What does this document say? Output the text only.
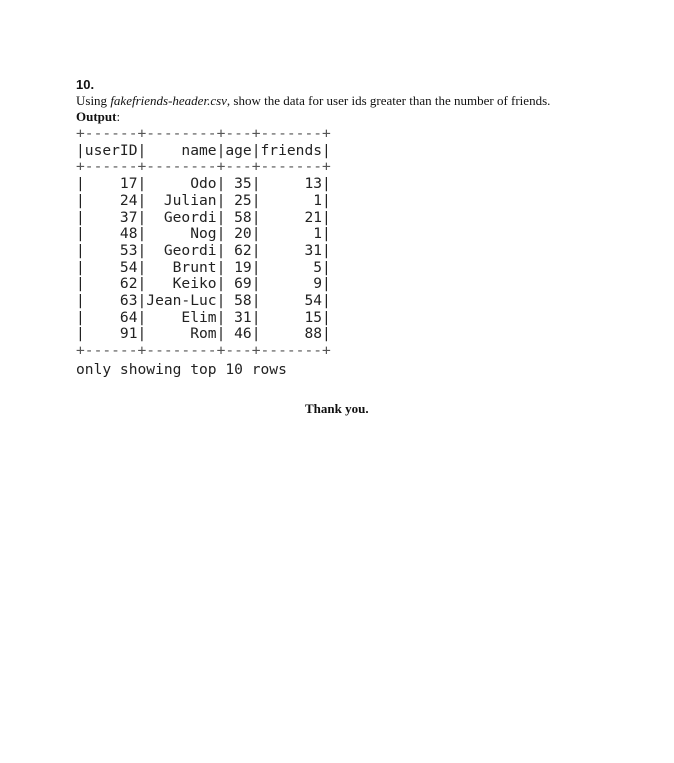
10.
Using fakefriends-header.csv, show the data for user ids greater than the number of friends.
Output:
+------+--------+---+-------+
|userID|    name|age|friends|
+------+--------+---+-------+
|    17|     Odo| 35|     13|
|    24|  Julian| 25|      1|
|    37|  Geordi| 58|     21|
|    48|     Nog| 20|      1|
|    53|  Geordi| 62|     31|
|    54|   Brunt| 19|      5|
|    62|   Keiko| 69|      9|
|    63|Jean-Luc| 58|     54|
|    64|    Elim| 31|     15|
|    91|     Rom| 46|     88|
+------+--------+---+-------+
only showing top 10 rows
Thank you.
